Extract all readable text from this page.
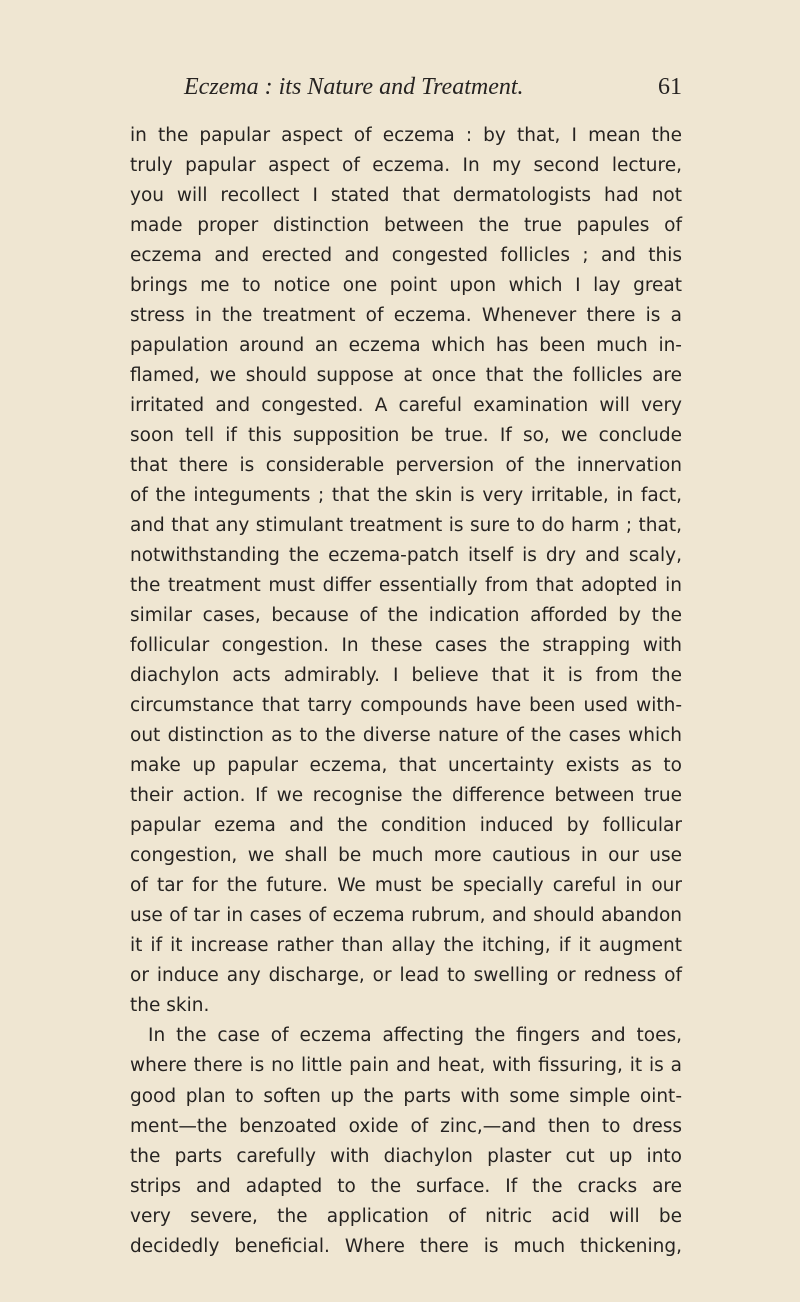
Eczema : its Nature and Treatment.	61
in the papular aspect of eczema : by that, I mean the
truly papular aspect of eczema. In my second lecture,
you will recollect I stated that dermatologists had not
made proper distinction between the true papules of
eczema and erected and congested follicles ; and this
brings me to notice one point upon which I lay great
stress in the treatment of eczema. Whenever there is a
papulation around an eczema which has been much in-
flamed, we should suppose at once that the follicles are
irritated and congested. A careful examination will very
soon tell if this supposition be true. If so, we conclude
that there is considerable perversion of the innervation
of the integuments ; that the skin is very irritable, in fact,
and that any stimulant treatment is sure to do harm ; that,
notwithstanding the eczema-patch itself is dry and scaly,
the treatment must differ essentially from that adopted in
similar cases, because of the indication afforded by the
follicular congestion. In these cases the strapping with
diachylon acts admirably. I believe that it is from the
circumstance that tarry compounds have been used with-
out distinction as to the diverse nature of the cases which
make up papular eczema, that uncertainty exists as to
their action. If we recognise the difference between true
papular ezema and the condition induced by follicular
congestion, we shall be much more cautious in our use
of tar for the future. We must be specially careful in our
use of tar in cases of eczema rubrum, and should abandon
it if it increase rather than allay the itching, if it augment
or induce any discharge, or lead to swelling or redness of
the skin.
In the case of eczema affecting the fingers and toes,
where there is no little pain and heat, with fissuring, it is a
good plan to soften up the parts with some simple oint-
ment—the benzoated oxide of zinc,—and then to dress
the parts carefully with diachylon plaster cut up into
strips and adapted to the surface. If the cracks are
very severe, the application of nitric acid will be
decidedly beneficial. Where there is much thickening,
